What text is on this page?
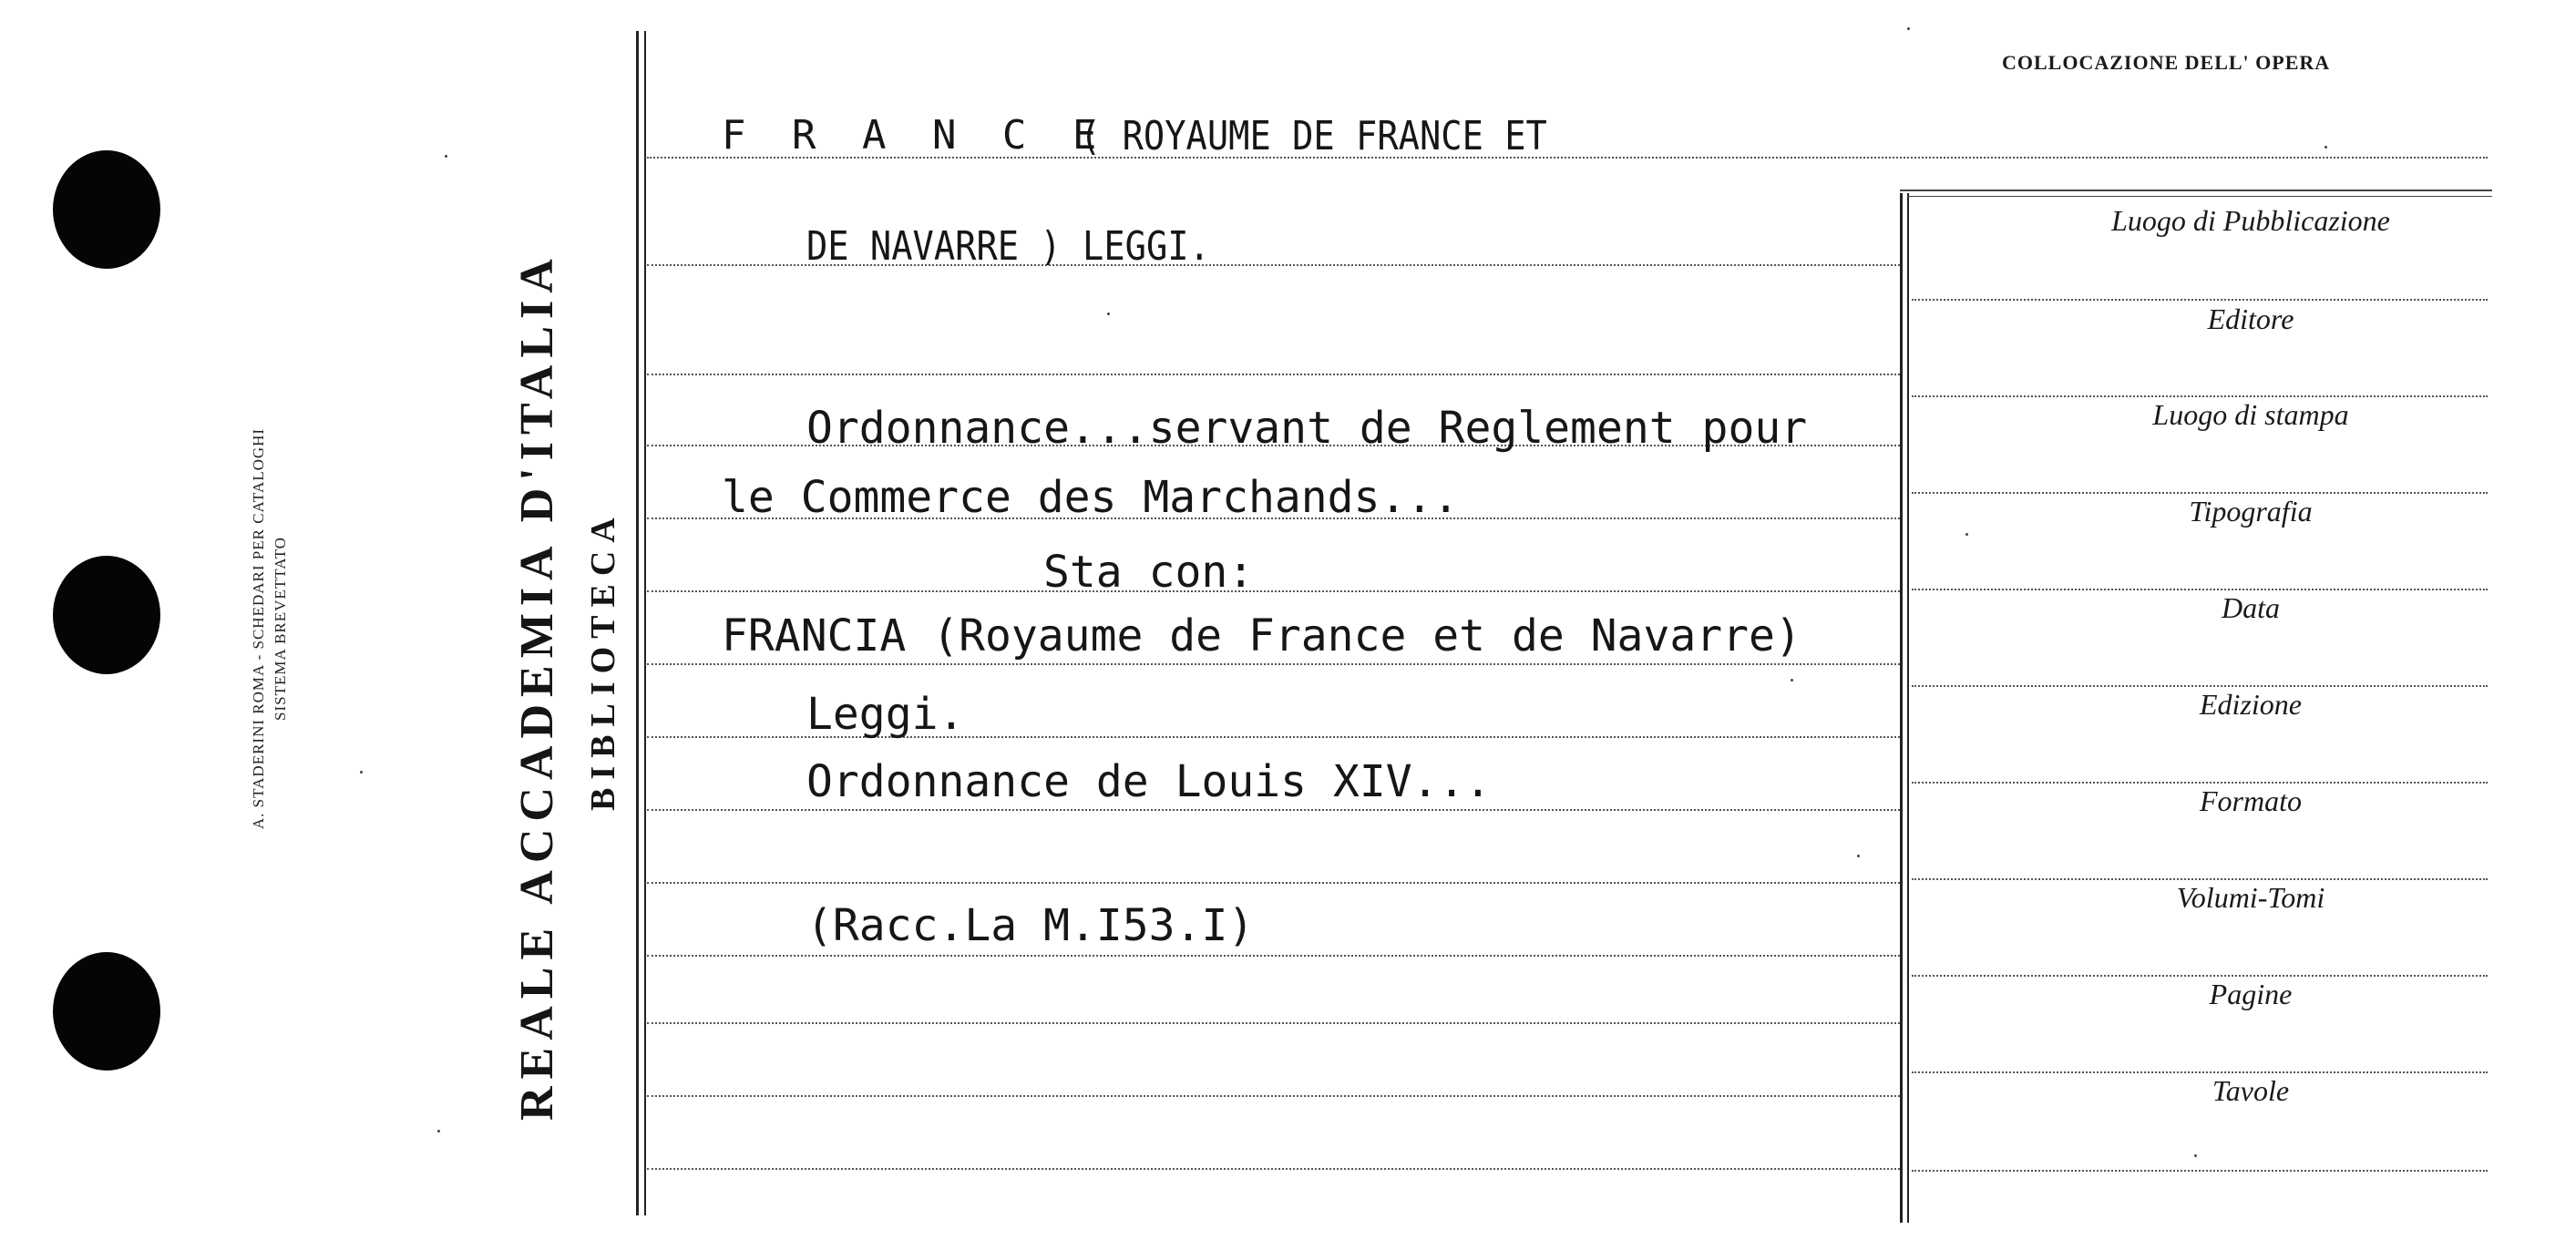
A. STADERINI ROMA - SCHEDARI PER CATALOGHI SISTEMA BREVETTATO	REALE ACCADEMIA D'ITALIA BIBLIOTECA
COLLOCAZIONE DELL' OPERA
Luogo di Pubblicazione
Editore
Luogo di stampa
Tipografia
Data
Edizione
Formato
Volumi-Tomi
Pagine
Tavole
F R A N C E
( ROYAUME DE FRANCE ET
DE NAVARRE ) LEGGI.
Ordonnance...servant de Reglement pour
le Commerce des Marchands...
Sta con:
FRANCIA (Royaume de France et de Navarre)
Leggi.
Ordonnance de Louis XIV...
(Racc.La M.I53.I)
